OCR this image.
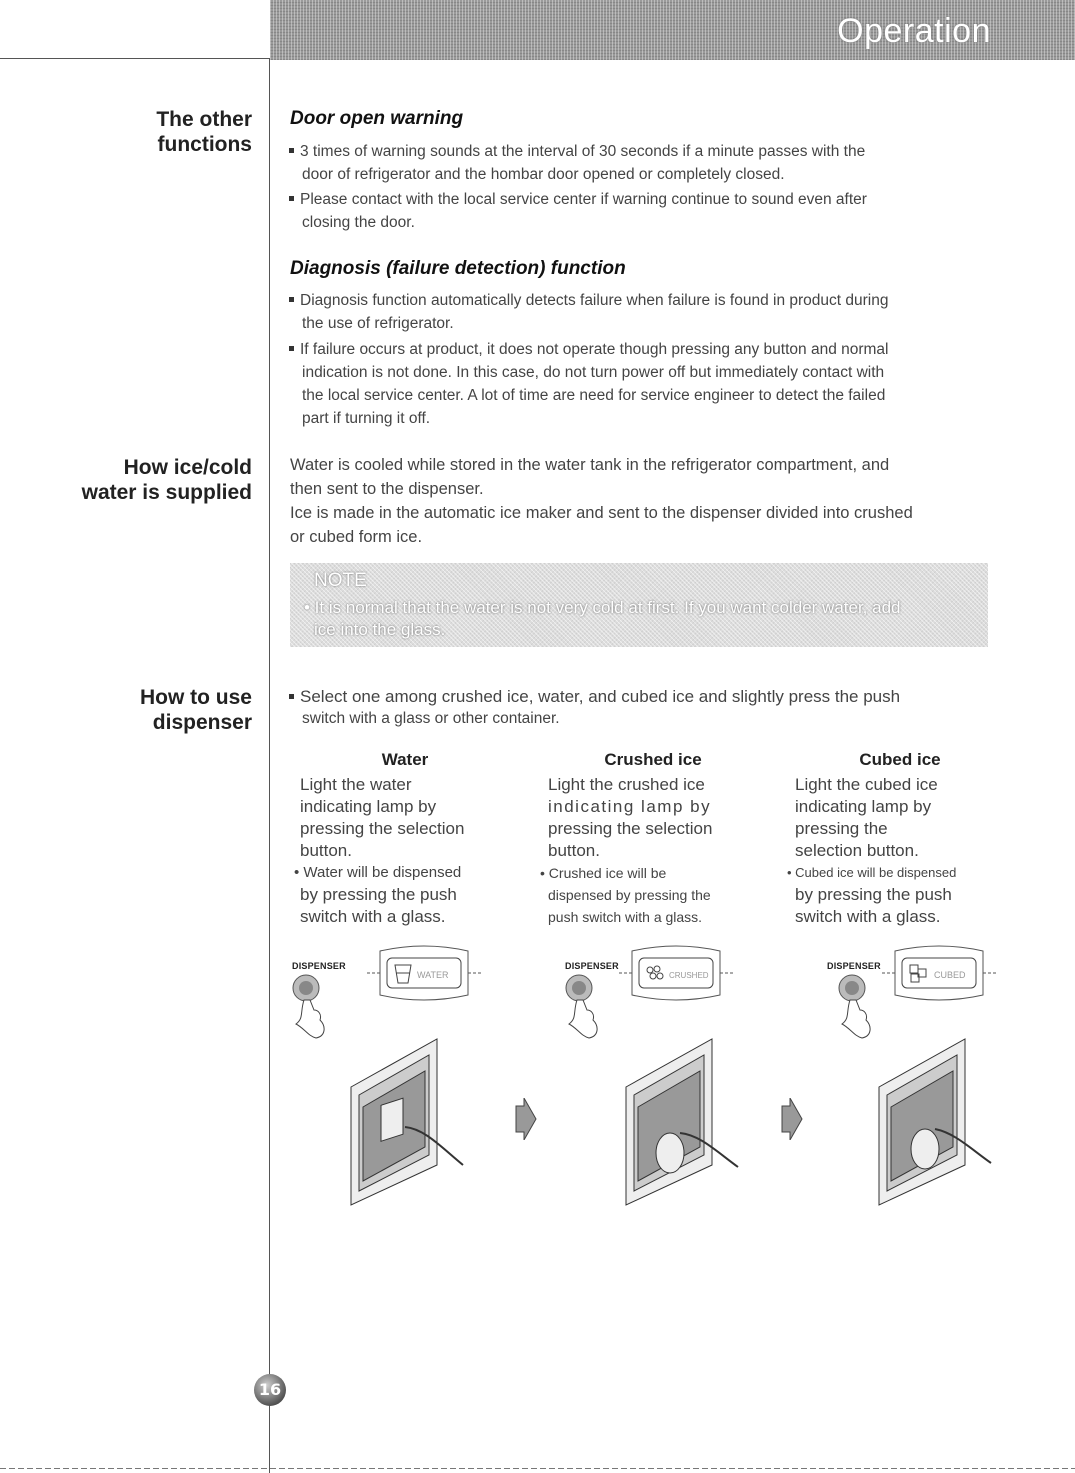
Operation
The other
functions
How ice/cold
water is supplied
How to use
dispenser
Door open warning
3 times of warning sounds at the interval of 30 seconds if a minute passes with the
door of refrigerator and the hombar door opened or completely closed.
Please contact with the local service center if warning continue to sound even after
closing the door.
Diagnosis (failure detection) function
Diagnosis function automatically detects failure when failure is found in product during
the use of refrigerator.
If failure occurs at product, it does not operate though pressing any button and normal
indication is not done. In this case, do not turn power off but immediately contact with
the local service center. A lot of time are need for service engineer to detect the failed
part if turning it off.
Water is cooled while stored in the water tank in the refrigerator compartment, and
then sent to the dispenser.
Ice is made in the automatic ice maker and sent to the dispenser divided into crushed
or cubed form ice.
NOTE
• It is normal that the water is not very cold at first. If you want colder water, add
ice into the glass.
Select one among crushed ice, water, and cubed ice and slightly press the push
switch with a glass or other container.
Water
Light the water
indicating lamp by
pressing the selection
button.
• Water will be dispensed
by pressing the push
switch with a glass.
Crushed ice
Light the crushed ice
indicating lamp by
pressing the selection
button.
• Crushed ice will be
dispensed by pressing the
push switch with a glass.
Cubed ice
Light the cubed ice
indicating lamp by
pressing the
selection button.
• Cubed ice will be dispensed
by pressing the push
switch with a glass.
DISPENSER	DISPENSER	DISPENSER
WATER	CRUSHED	CUBED
16
